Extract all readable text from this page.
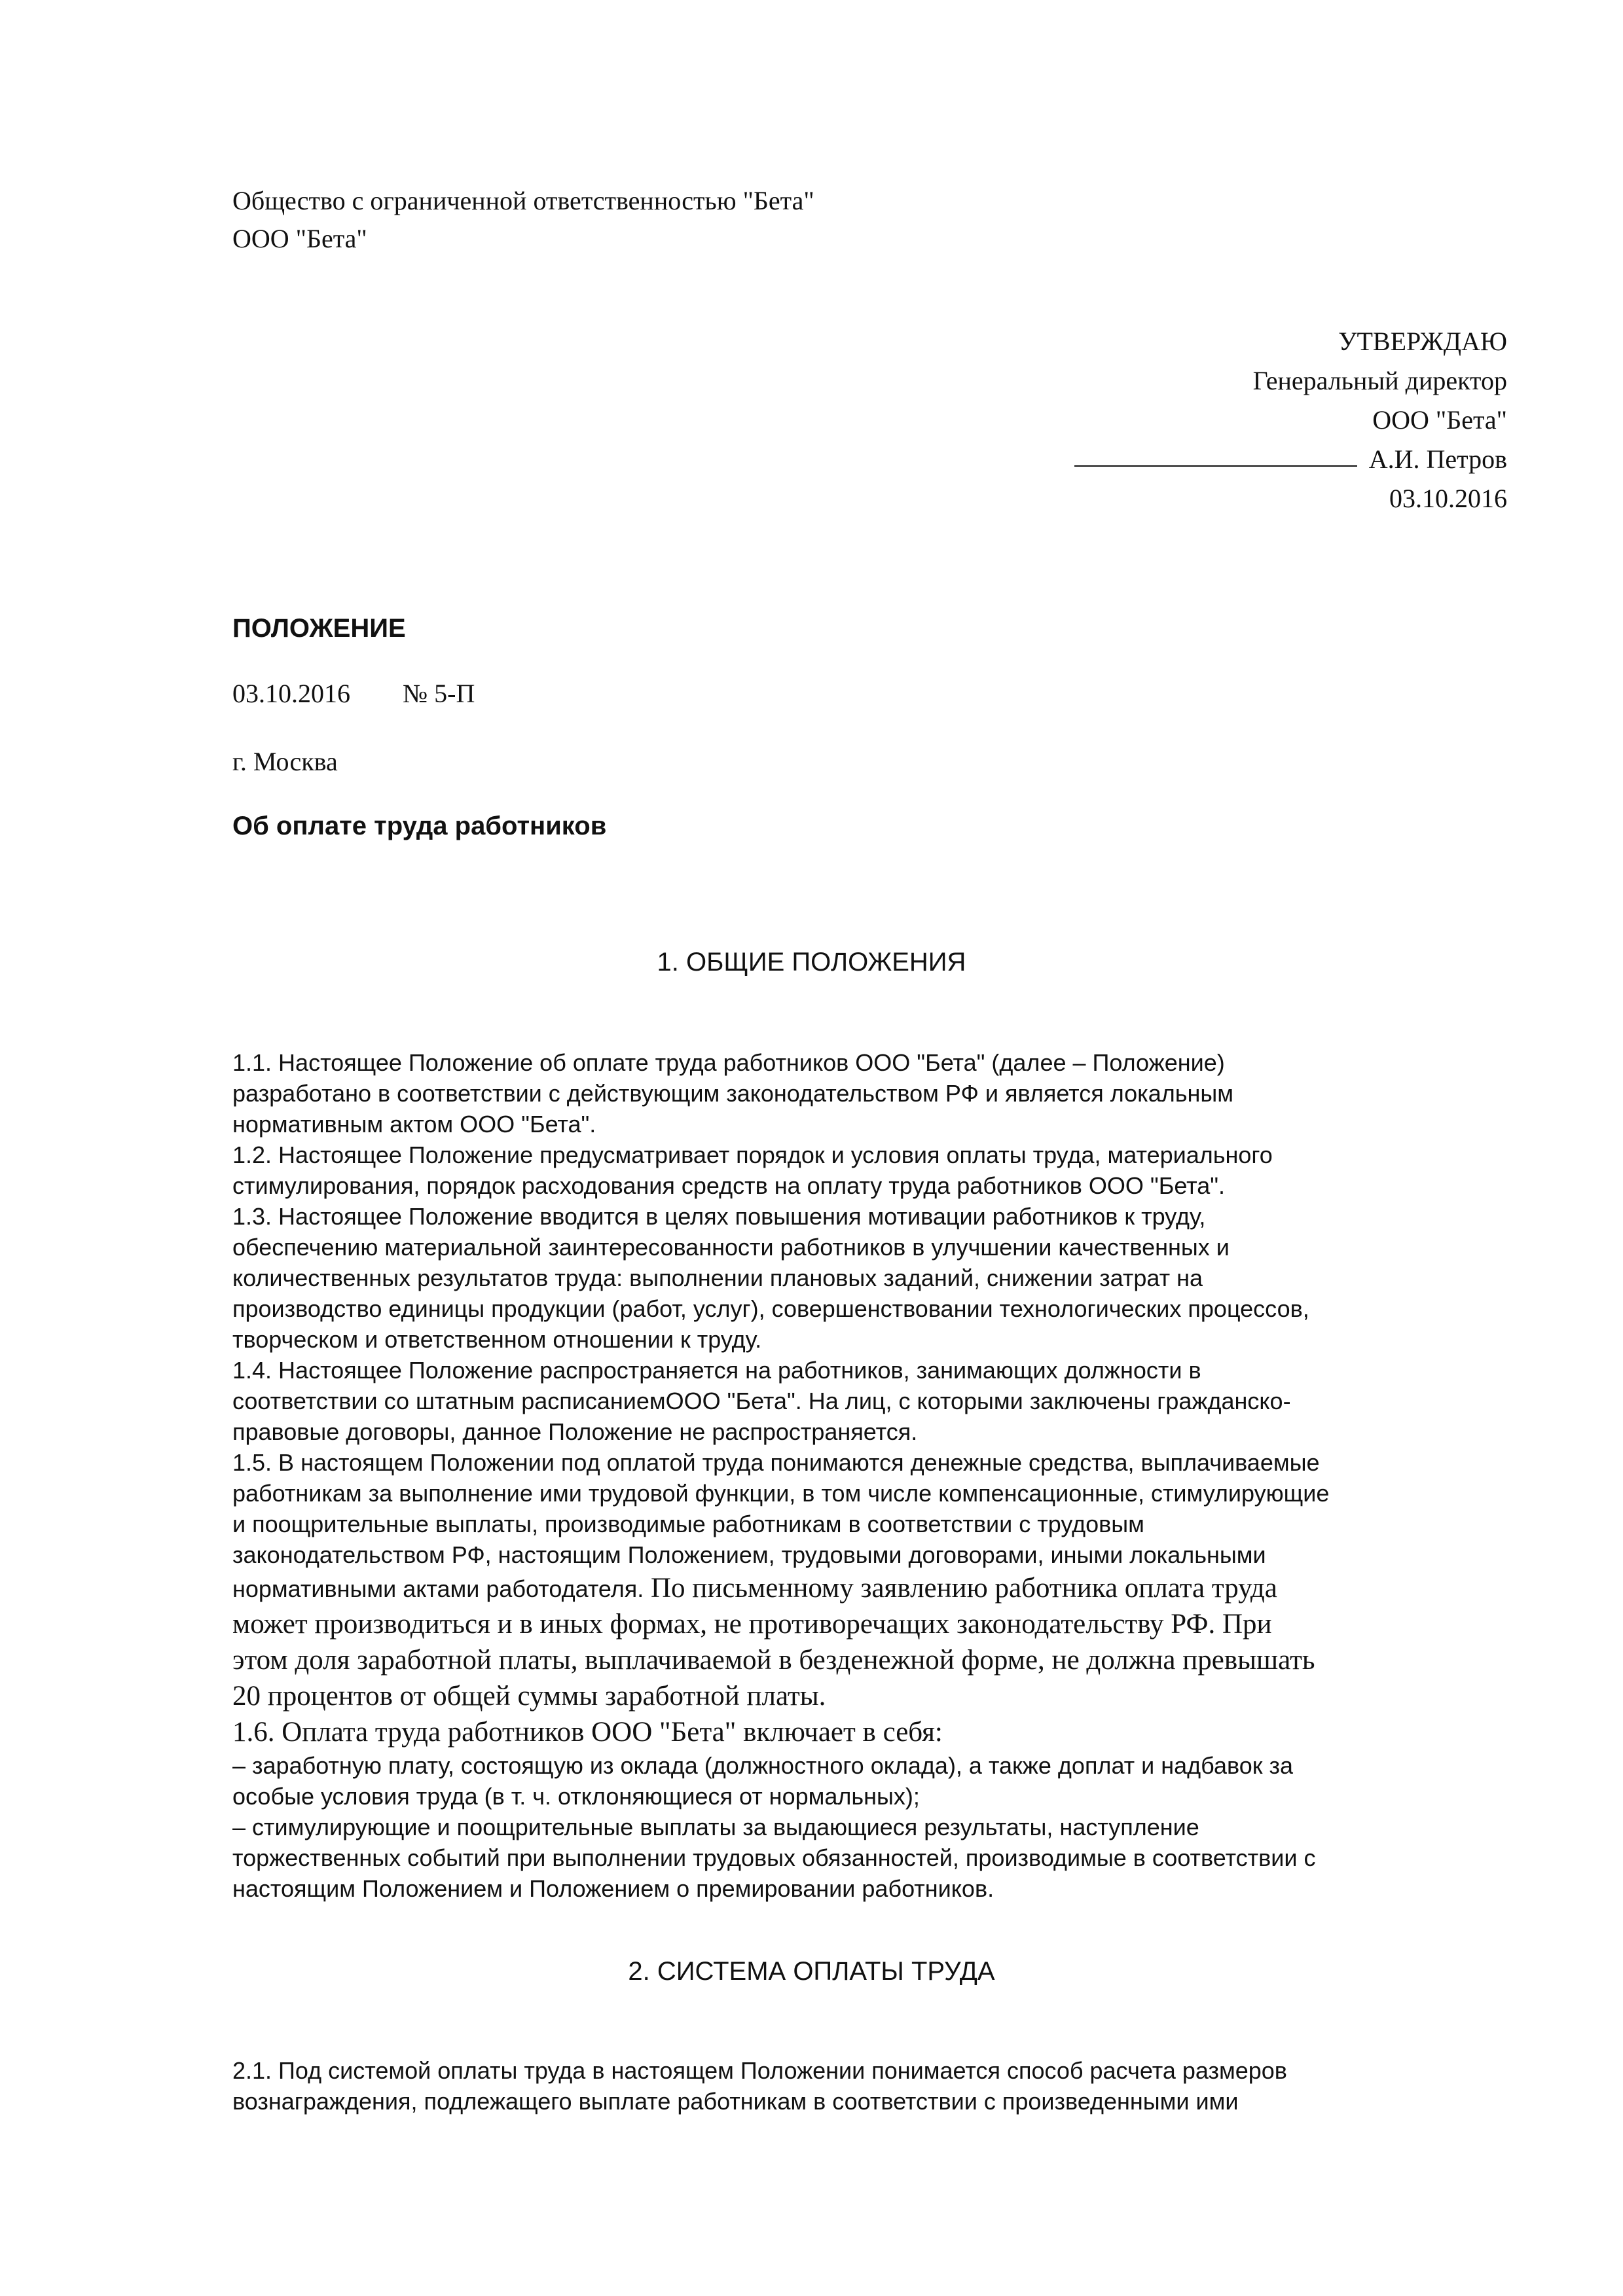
Общество с ограниченной ответственностью "Бета"
ООО "Бета"
УТВЕРЖДАЮ
Генеральный директор
ООО "Бета"
А.И. Петров
03.10.2016
ПОЛОЖЕНИЕ
03.10.2016 № 5-П
г. Москва
Об оплате труда работников
1. ОБЩИЕ ПОЛОЖЕНИЯ

1.1. Настоящее Положение об оплате труда работников ООО "Бета" (далее – Положение)

разработано в соответствии с действующим законодательством РФ и является локальным

нормативным актом ООО "Бета".

1.2. Настоящее Положение предусматривает порядок и условия оплаты труда, материального

стимулирования, порядок расходования средств на оплату труда работников ООО "Бета".

1.3. Настоящее Положение вводится в целях повышения мотивации работников к труду,

обеспечению материальной заинтересованности работников в улучшении качественных и

количественных результатов труда: выполнении плановых заданий, снижении затрат на

производство единицы продукции (работ, услуг), совершенствовании технологических процессов,

творческом и ответственном отношении к труду.

1.4. Настоящее Положение распространяется на работников, занимающих должности в

соответствии со штатным расписаниемООО "Бета". На лиц, с которыми заключены гражданско-

правовые договоры, данное Положение не распространяется.

1.5. В настоящем Положении под оплатой труда понимаются денежные средства, выплачиваемые

работникам за выполнение ими трудовой функции, в том числе компенсационные, стимулирующие

и поощрительные выплаты, производимые работникам в соответствии с трудовым

законодательством РФ, настоящим Положением, трудовыми договорами, иными локальными

нормативными актами работодателя. По письменному заявлению работника оплата труда

может производиться и в иных формах, не противоречащих законодательству РФ. При

этом доля заработной платы, выплачиваемой в безденежной форме, не должна превышать

20 процентов от общей суммы заработной платы.

1.6. Оплата труда работников ООО "Бета" включает в себя:

– заработную плату, состоящую из оклада (должностного оклада), а также доплат и надбавок за

особые условия труда (в т. ч. отклоняющиеся от нормальных);

– стимулирующие и поощрительные выплаты за выдающиеся результаты, наступление

торжественных событий при выполнении трудовых обязанностей, производимые в соответствии с

настоящим Положением и Положением о премировании работников.

2. СИСТЕМА ОПЛАТЫ ТРУДА

2.1. Под системой оплаты труда в настоящем Положении понимается способ расчета размеров

вознаграждения, подлежащего выплате работникам в соответствии с произведенными ими
